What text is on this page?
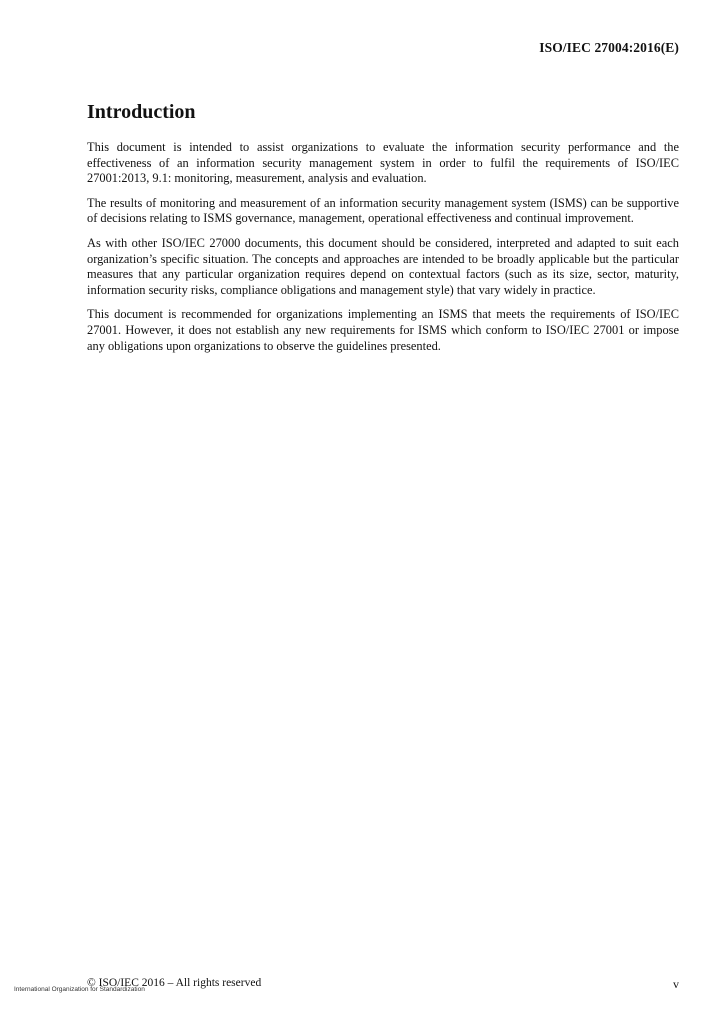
ISO/IEC 27004:2016(E)
Introduction

This document is intended to assist organizations to evaluate the information security performance and the effectiveness of an information security management system in order to fulfil the requirements of ISO/IEC 27001:2013, 9.1: monitoring, measurement, analysis and evaluation.

The results of monitoring and measurement of an information security management system (ISMS) can be supportive of decisions relating to ISMS governance, management, operational effectiveness and continual improvement.

As with other ISO/IEC 27000 documents, this document should be considered, interpreted and adapted to suit each organization’s specific situation. The concepts and approaches are intended to be broadly applicable but the particular measures that any particular organization requires depend on contextual factors (such as its size, sector, maturity, information security risks, compliance obligations and management style) that vary widely in practice.

This document is recommended for organizations implementing an ISMS that meets the requirements of ISO/IEC 27001. However, it does not establish any new requirements for ISMS which conform to ISO/IEC 27001 or impose any obligations upon organizations to observe the guidelines presented.

International Organization for Standardization
© ISO/IEC 2016 – All rights reserved	v
